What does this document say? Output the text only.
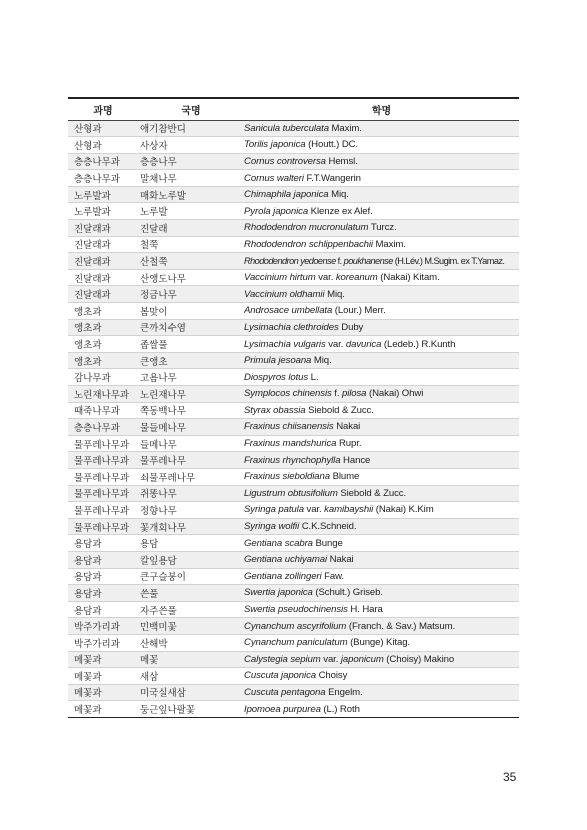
과명	국명	학명
산형과	애기참반디	Sanicula tuberculata Maxim.
산형과	사상자	Torilis japonica (Houtt.) DC.
층층나무과	층층나무	Cornus controversa Hemsl.
층층나무과	말채나무	Cornus walteri F.T.Wangerin
노루발과	매화노루발	Chimaphila japonica Miq.
노루발과	노루발	Pyrola japonica Klenze ex Alef.
진달래과	진달래	Rhododendron mucronulatum Turcz.
진달래과	철쭉	Rhododendron schlippenbachii Maxim.
진달래과	산철쭉	Rhododendron yedoense f. poukhanense (H.Lév.) M.Sugim. ex T.Yamaz.
진달래과	산앵도나무	Vaccinium hirtum var. koreanum (Nakai) Kitam.
진달래과	정금나무	Vaccinium oldhamii Miq.
앵초과	봄맞이	Androsace umbellata (Lour.) Merr.
앵초과	큰까치수염	Lysimachia clethroides Duby
앵초과	좁쌀풀	Lysimachia vulgaris var. davurica (Ledeb.) R.Kunth
앵초과	큰앵초	Primula jesoana Miq.
감나무과	고욤나무	Diospyros lotus L.
노린재나무과	노린재나무	Symplocos chinensis f. pilosa (Nakai) Ohwi
때죽나무과	쪽동백나무	Styrax obassia Siebold & Zucc.
층층나무과	물들메나무	Fraxinus chiisanensis Nakai
물푸레나무과	들메나무	Fraxinus mandshurica Rupr.
물푸레나무과	물푸레나무	Fraxinus rhynchophylla Hance
물푸레나무과	쇠물푸레나무	Fraxinus sieboldiana Blume
물푸레나무과	쥐똥나무	Ligustrum obtusifolium Siebold & Zucc.
물푸레나무과	정향나무	Syringa patula var. kamibayshii (Nakai) K.Kim
물푸레나무과	꽃개회나무	Syringa wolfii C.K.Schneid.
용담과	용담	Gentiana scabra Bunge
용담과	칼잎용담	Gentiana uchiyamai Nakai
용담과	큰구슬붕이	Gentiana zollingeri Faw.
용담과	쓴풀	Swertia japonica (Schult.) Griseb.
용담과	자주쓴풀	Swertia pseudochinensis H. Hara
박주가리과	민백미꽃	Cynanchum ascyrifolium (Franch. & Sav.) Matsum.
박주가리과	산해박	Cynanchum paniculatum (Bunge) Kitag.
메꽃과	메꽃	Calystegia sepium var. japonicum (Choisy) Makino
메꽃과	새삼	Cuscuta japonica Choisy
메꽃과	미국실새삼	Cuscuta pentagona Engelm.
메꽃과	둥근잎나팔꽃	Ipomoea purpurea (L.) Roth
35
